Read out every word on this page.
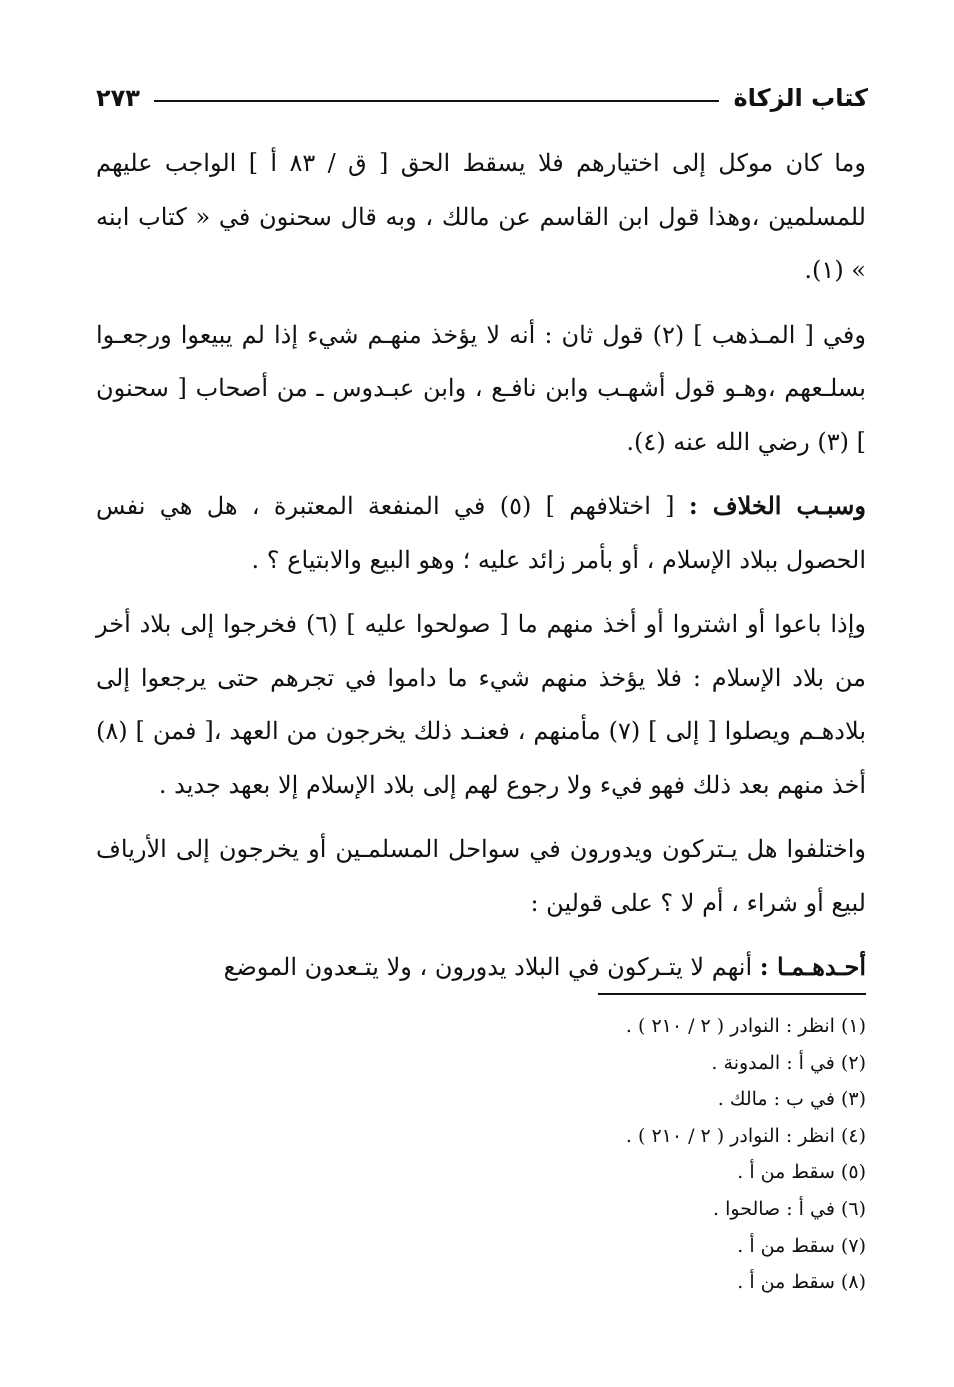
كتاب الزكاة
٢٧٣

وما كان موكل إلى اختيارهم فلا يسقط الحق [ ق / ٨٣ أ ] الواجب عليهم للمسلمين ،وهذا قول ابن القاسم عن مالك ، وبه قال سحنون في « كتاب ابنه » (١).

وفي [ المـذهب ] (٢) قول ثان : أنه لا يؤخذ منهـم شيء إذا لم يبيعوا ورجعـوا بسلـعهم ،وهـو قول أشهـب وابن نافـع ، وابن عبـدوس ـ من أصحاب [ سحنون ] (٣) رضي الله عنه (٤).

وسبـب الخلاف : [ اختلافهم ] (٥) في المنفعة المعتبرة ، هل هي نفس الحصول ببلاد الإسلام ، أو بأمر زائد عليه ؛ وهو البيع والابتياع ؟ .

وإذا باعوا أو اشتروا أو أخذ منهم ما [ صولحوا عليه ] (٦) فخرجوا إلى بلاد أخر من بلاد الإسلام : فلا يؤخذ منهم شيء ما داموا في تجرهم حتى يرجعوا إلى بلادهـم ويصلوا [ إلى ] (٧) مأمنهم ، فعنـد ذلك يخرجون من العهد ،[ فمن ] (٨) أخذ منهم بعد ذلك فهو فيء ولا رجوع لهم إلى بلاد الإسلام إلا بعهد جديد .

واختلفوا هل يـتركون ويدورون في سواحل المسلمـين أو يخرجون إلى الأرياف لبيع أو شراء ، أم لا ؟ على قولين :

أحـدهـمـا : أنهم لا يتـركون في البلاد يدورون ، ولا يتـعدون الموضع

(١) انظر : النوادر ( ٢ / ٢١٠ ) .
(٢) في أ : المدونة .
(٣) في ب : مالك .
(٤) انظر : النوادر ( ٢ / ٢١٠ ) .
(٥) سقط من أ .
(٦) في أ : صالحوا .
(٧) سقط من أ .
(٨) سقط من أ .
